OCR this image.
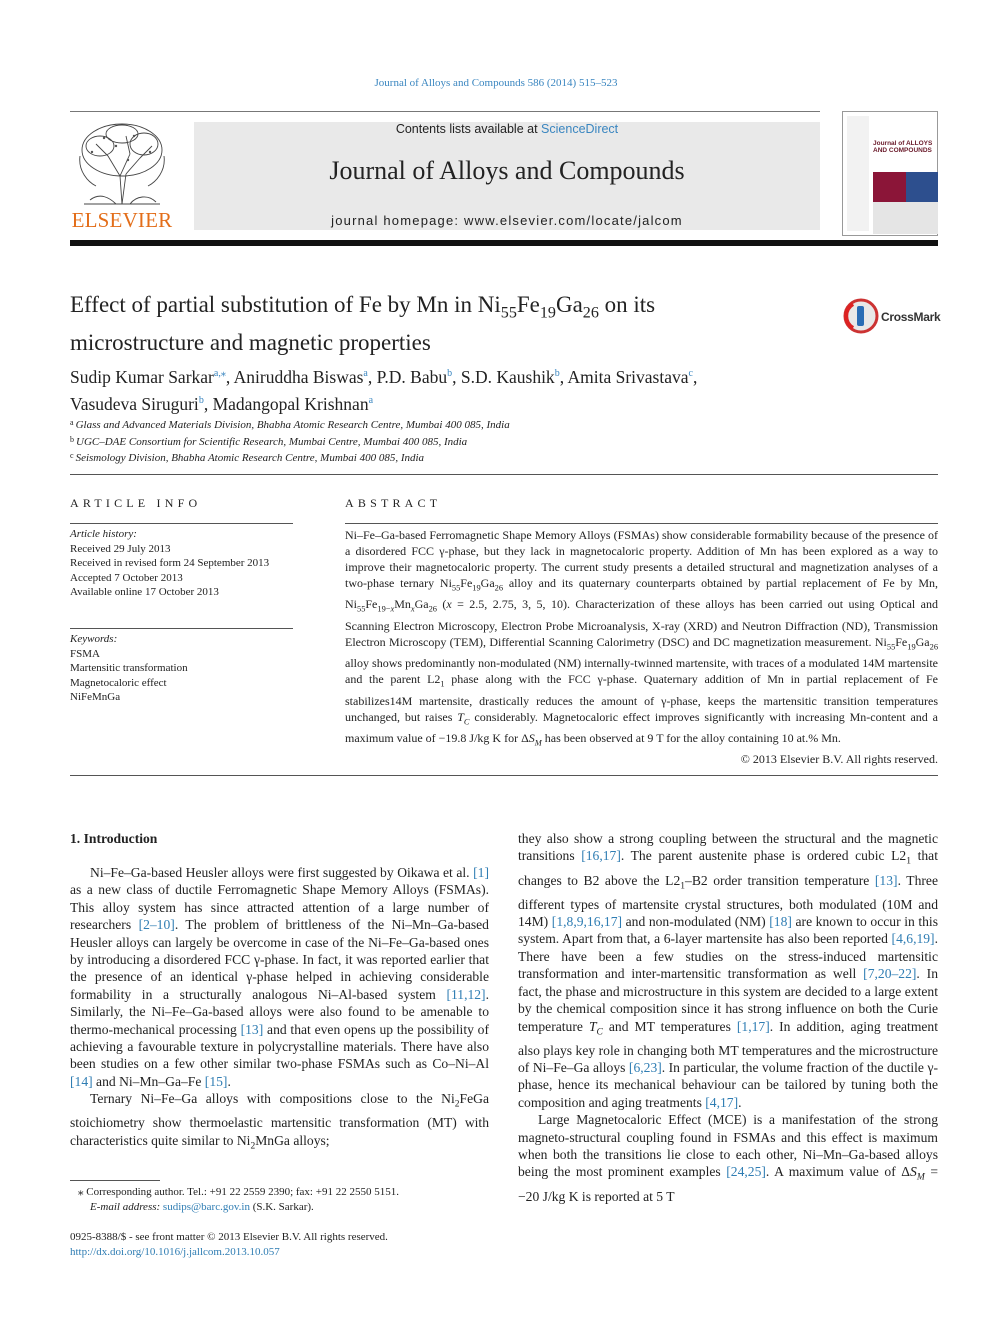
Journal of Alloys and Compounds 586 (2014) 515–523
ELSEVIER
Contents lists available at ScienceDirect
Journal of Alloys and Compounds
journal homepage: www.elsevier.com/locate/jalcom
Journal of ALLOYS AND COMPOUNDS
Effect of partial substitution of Fe by Mn in $Ni_{55}Fe_{19}Ga_{26}$ on its microstructure and magnetic properties
CrossMark
Sudip Kumar Sarkar$^{a,⁎}$, Aniruddha Biswas$^a$, P.D. Babu$^b$, S.D. Kaushik$^b$, Amita Srivastava$^c$,
Vasudeva Siruguri$^b$, Madangopal Krishnan$^a$
$^a$ Glass and Advanced Materials Division, Bhabha Atomic Research Centre, Mumbai 400 085, India
$^b$ UGC–DAE Consortium for Scientific Research, Mumbai Centre, Mumbai 400 085, India
$^c$ Seismology Division, Bhabha Atomic Research Centre, Mumbai 400 085, India
ARTICLE INFO
Article history:
Received 29 July 2013
Received in revised form 24 September 2013
Accepted 7 October 2013
Available online 17 October 2013
Keywords:
FSMA
Martensitic transformation
Magnetocaloric effect
NiFeMnGa
ABSTRACT
Ni–Fe–Ga-based Ferromagnetic Shape Memory Alloys (FSMAs) show considerable formability because of the presence of a disordered FCC γ-phase, but they lack in magnetocaloric property. Addition of Mn has been explored as a way to improve their magnetocaloric property. The current study presents a detailed structural and magnetization analyses of a two-phase ternary $Ni_{55}Fe_{19}Ga_{26}$ alloy and its quaternary counterparts obtained by partial replacement of Fe by Mn, $Ni_{55}Fe_{19-x}Mn_xGa_{26}$ (x = 2.5, 2.75, 3, 5, 10). Characterization of these alloys has been carried out using Optical and Scanning Electron Microscopy, Electron Probe Microanalysis, X-ray (XRD) and Neutron Diffraction (ND), Transmission Electron Microscopy (TEM), Differential Scanning Calorimetry (DSC) and DC magnetization measurement. $Ni_{55}Fe_{19}Ga_{26}$ alloy shows predominantly non-modulated (NM) internally-twinned martensite, with traces of a modulated 14M martensite and the parent $L2_1$ phase along with the FCC γ-phase. Quaternary addition of Mn in partial replacement of Fe stabilizes14M martensite, drastically reduces the amount of γ-phase, keeps the martensitic transition temperatures unchanged, but raises $T_C$ considerably. Magnetocaloric effect improves significantly with increasing Mn-content and a maximum value of −19.8 J/kg K for $\Delta S_M$ has been observed at 9 T for the alloy containing 10 at.% Mn.
© 2013 Elsevier B.V. All rights reserved.
1. Introduction

Ni–Fe–Ga-based Heusler alloys were first suggested by Oikawa et al. [1] as a new class of ductile Ferromagnetic Shape Memory Alloys (FSMAs). This alloy system has since attracted attention of a large number of researchers [2–10]. The problem of brittleness of the Ni–Mn–Ga-based Heusler alloys can largely be overcome in case of the Ni–Fe–Ga-based ones by introducing a disordered FCC γ-phase. In fact, it was reported earlier that the presence of an identical γ-phase helped in achieving considerable formability in a structurally analogous Ni–Al-based system [11,12]. Similarly, the Ni–Fe–Ga-based alloys were also found to be amenable to thermo-mechanical processing [13] and that even opens up the possibility of achieving a favourable texture in polycrystalline materials. There have also been studies on a few other similar two-phase FSMAs such as Co–Ni–Al [14] and Ni–Mn–Ga–Fe [15].

Ternary Ni–Fe–Ga alloys with compositions close to the $Ni_2FeGa$ stoichiometry show thermoelastic martensitic transformation (MT) with characteristics quite similar to $Ni_2MnGa$ alloys;

they also show a strong coupling between the structural and the magnetic transitions [16,17]. The parent austenite phase is ordered cubic $L2_1$ that changes to B2 above the $L2_1-B2$ order transition temperature [13]. Three different types of martensite crystal structures, both modulated (10M and 14M) [1,8,9,16,17] and non-modulated (NM) [18] are known to occur in this system. Apart from that, a 6-layer martensite has also been reported [4,6,19]. There have been a few studies on the stress-induced martensitic transformation and inter-martensitic transformation as well [7,20–22]. In fact, the phase and microstructure in this system are decided to a large extent by the chemical composition since it has strong influence on both the Curie temperature $T_C$ and MT temperatures [1,17]. In addition, aging treatment also plays key role in changing both MT temperatures and the microstructure of Ni–Fe–Ga alloys [6,23]. In particular, the volume fraction of the ductile γ-phase, hence its mechanical behaviour can be tailored by tuning both the composition and aging treatments [4,17].

Large Magnetocaloric Effect (MCE) is a manifestation of the strong magneto-structural coupling found in FSMAs and this effect is maximum when both the transitions lie close to each other, Ni–Mn–Ga-based alloys being the most prominent examples [24,25]. A maximum value of $\Delta S_M = -20$ J/kg K is reported at 5 T

⁎ Corresponding author. Tel.: +91 22 2559 2390; fax: +91 22 2550 5151.
E-mail address: sudips@barc.gov.in (S.K. Sarkar).
0925-8388/$ - see front matter © 2013 Elsevier B.V. All rights reserved.
http://dx.doi.org/10.1016/j.jallcom.2013.10.057
